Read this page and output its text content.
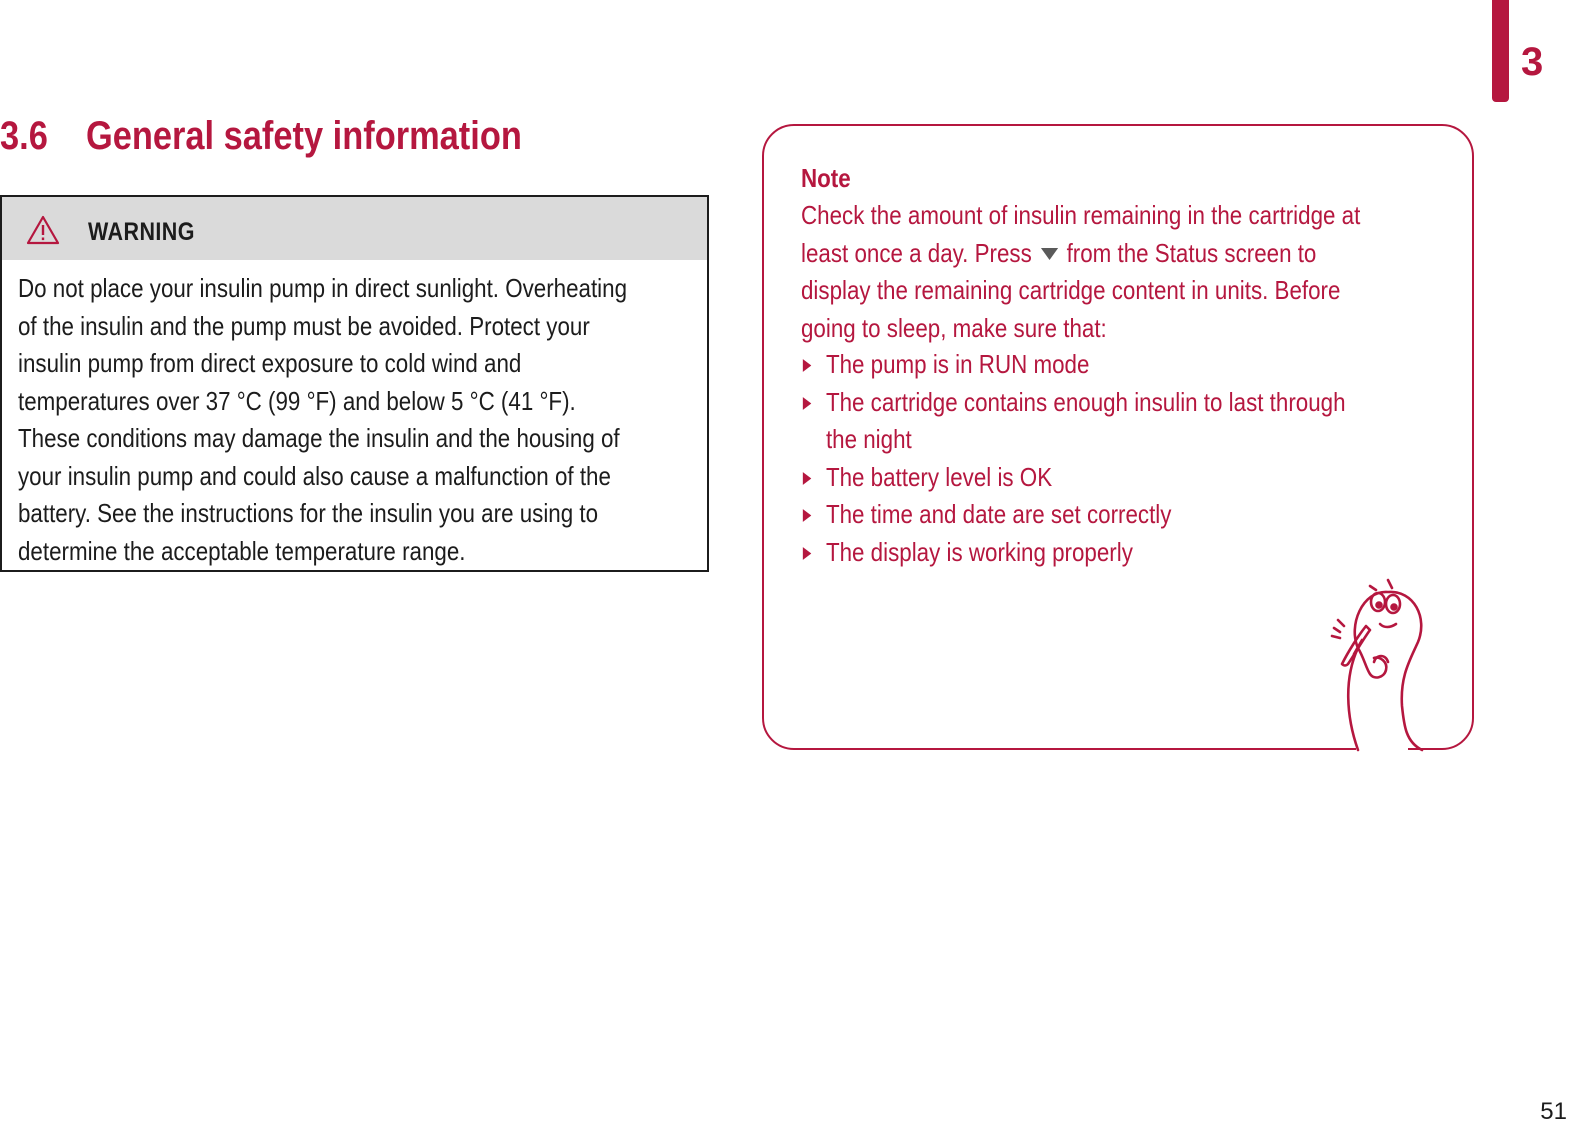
3
3.6 General safety information
WARNING

Do not place your insulin pump in direct sunlight. Overheating
of the insulin and the pump must be avoided. Protect your
insulin pump from direct exposure to cold wind and
temperatures over 37 °C (99 °F) and below 5 °C (41 °F).
These conditions may damage the insulin and the housing of
your insulin pump and could also cause a malfunction of the
battery. See the instructions for the insulin you are using to
determine the acceptable temperature range.

Note

Check the amount of insulin remaining in the cartridge at
least once a day. Press from the Status screen to
display the remaining cartridge content in units. Before
going to sleep, make sure that:

The pump is in RUN mode
The cartridge contains enough insulin to last through
the night
The battery level is OK
The time and date are set correctly
The display is working properly
51
